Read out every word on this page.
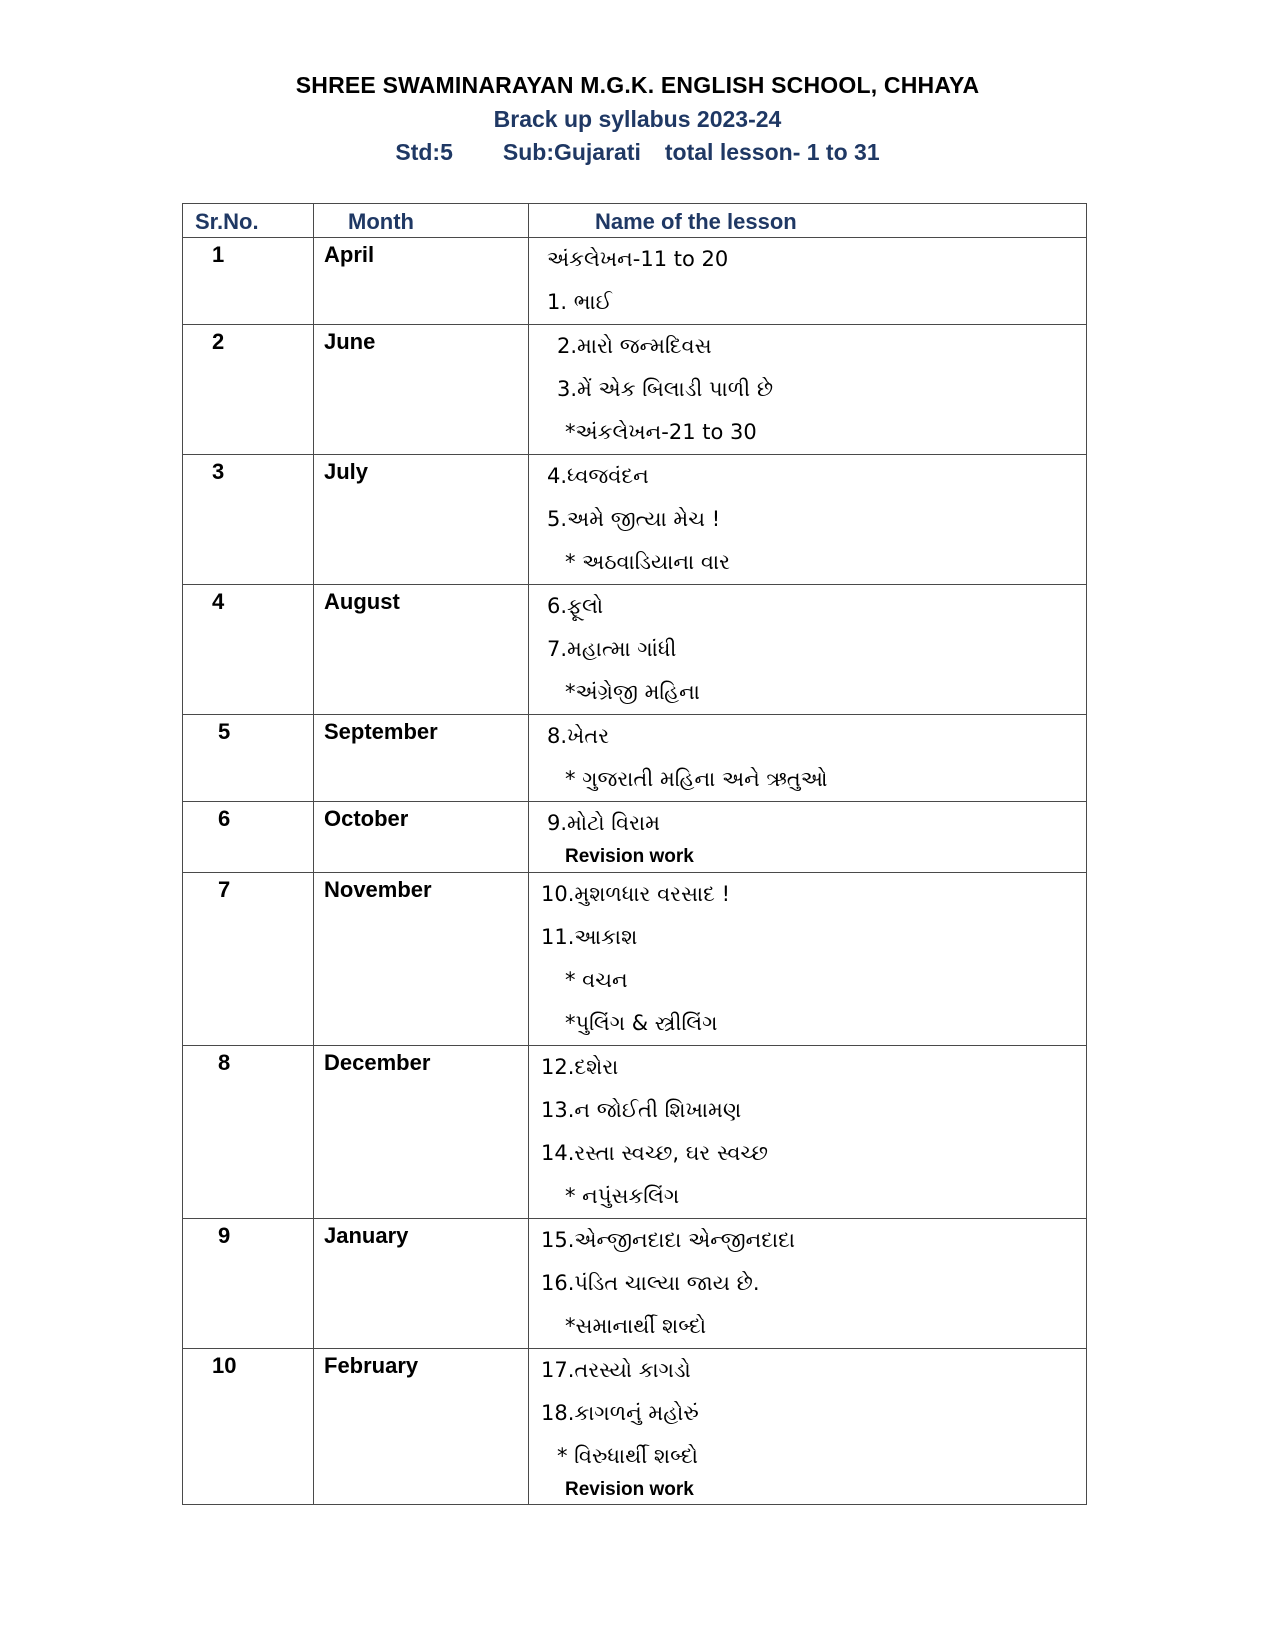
SHREE SWAMINARAYAN M.G.K. ENGLISH SCHOOL, CHHAYA
Brack up syllabus 2023-24
Std:5 Sub:Gujarati total lesson- 1 to 31
Sr.No.	Month	Name of the lesson

1	April	અંકલેખન-11 to 20
1. ભાઈ

2	June	2.મારો જન્મદિવસ
3.મેં એક બિલાડી પાળી છે
*અંકલેખન-21 to 30

3	July	4.ધ્વજવંદન
5.અમે જીત્યા મેચ !
* અઠવાડિયાના વાર

4	August	6.ફૂલો
7.મહાત્મા ગાંધી
*અંગ્રેજી મહિના

5	September	8.ખેતર
* ગુજરાતી મહિના અને ઋતુઓ

6	October	9.મોટો વિરામ
Revision work

7	November	10.મુશળધાર વરસાદ !
11.આકાશ
* વચન
*પુલિંગ & સ્ત્રીલિંગ

8	December	12.દશેરા
13.ન જોઈતી શિખામણ
14.રસ્તા સ્વચ્છ, ઘર સ્વચ્છ
* નપુંસકલિંગ

9	January	15.એન્જીનદાદા એન્જીનદાદા
16.પંડિત ચાલ્યા જાય છે.
*સમાનાર્થી શબ્દો

10	February	17.તરસ્યો કાગડો
18.કાગળનું મહોરું
* વિરુધાર્થી શબ્દો
Revision work
